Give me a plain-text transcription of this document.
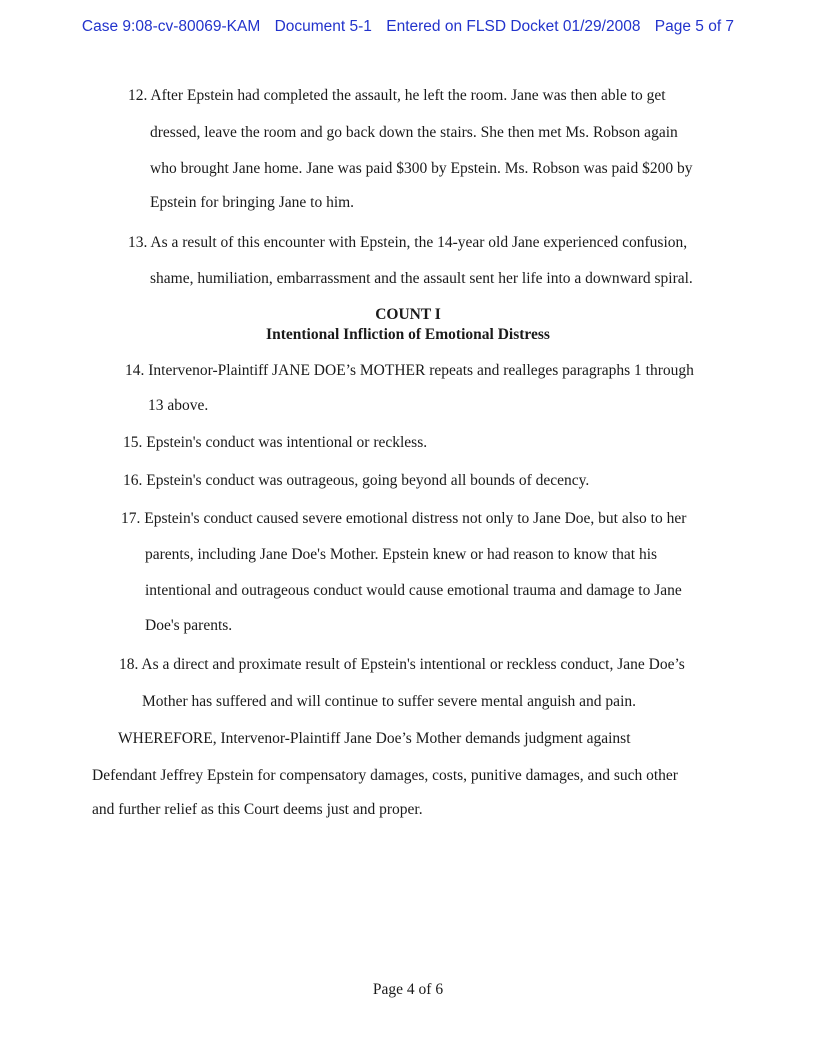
Case 9:08-cv-80069-KAM Document 5-1 Entered on FLSD Docket 01/29/2008 Page 5 of 7
12. After Epstein had completed the assault, he left the room. Jane was then able to get
dressed, leave the room and go back down the stairs. She then met Ms. Robson again
who brought Jane home. Jane was paid $300 by Epstein. Ms. Robson was paid $200 by
Epstein for bringing Jane to him.
13. As a result of this encounter with Epstein, the 14-year old Jane experienced confusion,
shame, humiliation, embarrassment and the assault sent her life into a downward spiral.
COUNT I
Intentional Infliction of Emotional Distress
14. Intervenor-Plaintiff JANE DOE’s MOTHER repeats and realleges paragraphs 1 through
13 above.
15. Epstein's conduct was intentional or reckless.
16. Epstein's conduct was outrageous, going beyond all bounds of decency.
17. Epstein's conduct caused severe emotional distress not only to Jane Doe, but also to her
parents, including Jane Doe's Mother. Epstein knew or had reason to know that his
intentional and outrageous conduct would cause emotional trauma and damage to Jane
Doe's parents.
18. As a direct and proximate result of Epstein's intentional or reckless conduct, Jane Doe’s
Mother has suffered and will continue to suffer severe mental anguish and pain.
WHEREFORE, Intervenor-Plaintiff Jane Doe’s Mother demands judgment against
Defendant Jeffrey Epstein for compensatory damages, costs, punitive damages, and such other
and further relief as this Court deems just and proper.
Page 4 of 6
